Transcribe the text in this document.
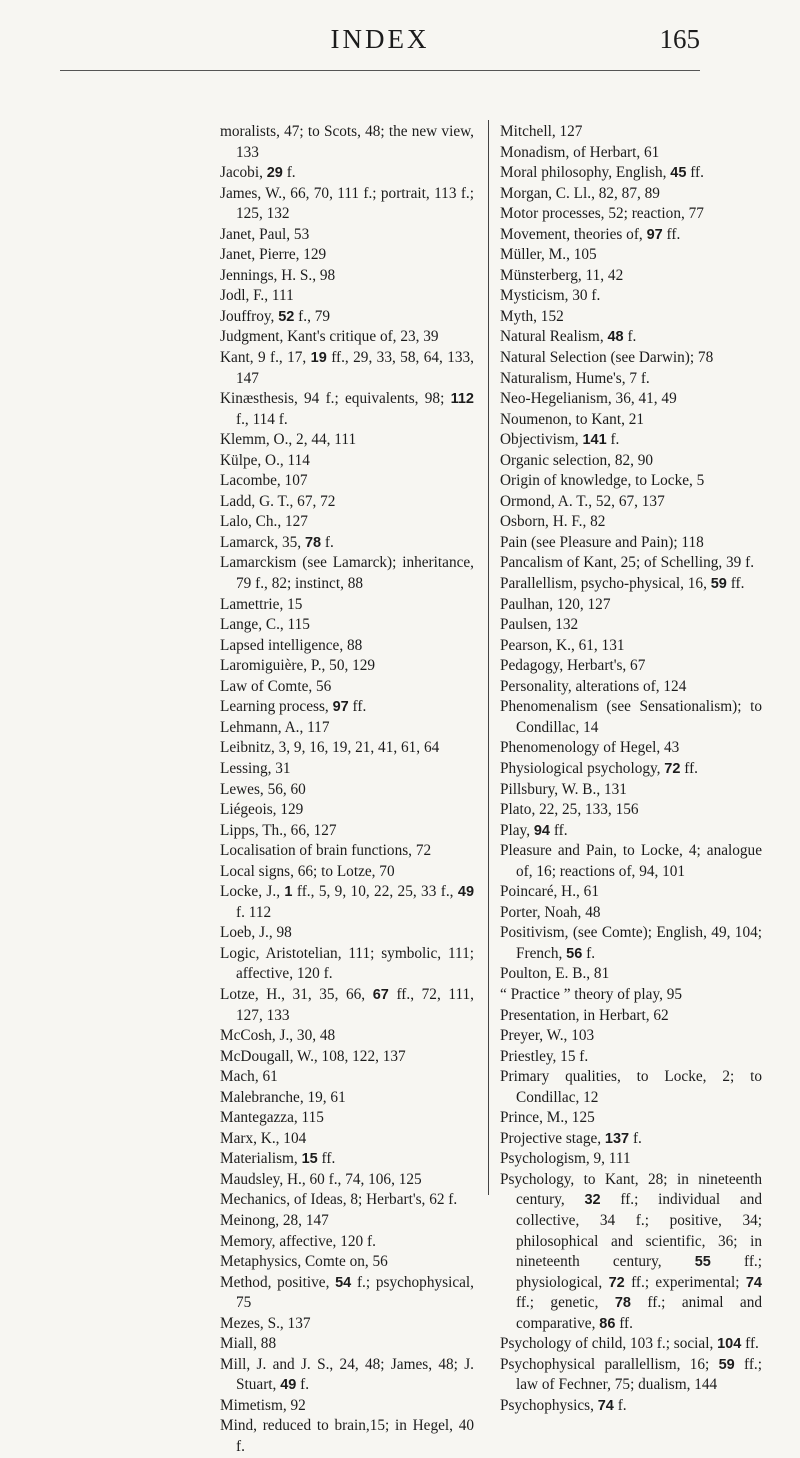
INDEX	165
moralists, 47; to Scots, 48; the new view, 133
Jacobi, 29 f.
James, W., 66, 70, 111 f.; portrait, 113 f.; 125, 132
Janet, Paul, 53
Janet, Pierre, 129
Jennings, H. S., 98
Jodl, F., 111
Jouffroy, 52 f., 79
Judgment, Kant's critique of, 23, 39
Kant, 9 f., 17, 19 ff., 29, 33, 58, 64, 133, 147
Kinæsthesis, 94 f.; equivalents, 98; 112 f., 114 f.
Klemm, O., 2, 44, 111
Külpe, O., 114
Lacombe, 107
Ladd, G. T., 67, 72
Lalo, Ch., 127
Lamarck, 35, 78 f.
Lamarckism (see Lamarck); inheritance, 79 f., 82; instinct, 88
Lamettrie, 15
Lange, C., 115
Lapsed intelligence, 88
Laromiguière, P., 50, 129
Law of Comte, 56
Learning process, 97 ff.
Lehmann, A., 117
Leibnitz, 3, 9, 16, 19, 21, 41, 61, 64
Lessing, 31
Lewes, 56, 60
Liégeois, 129
Lipps, Th., 66, 127
Localisation of brain functions, 72
Local signs, 66; to Lotze, 70
Locke, J., 1 ff., 5, 9, 10, 22, 25, 33 f., 49 f. 112
Loeb, J., 98
Logic, Aristotelian, 111; symbolic, 111; affective, 120 f.
Lotze, H., 31, 35, 66, 67 ff., 72, 111, 127, 133
McCosh, J., 30, 48
McDougall, W., 108, 122, 137
Mach, 61
Malebranche, 19, 61
Mantegazza, 115
Marx, K., 104
Materialism, 15 ff.
Maudsley, H., 60 f., 74, 106, 125
Mechanics, of Ideas, 8; Herbart's, 62 f.
Meinong, 28, 147
Memory, affective, 120 f.
Metaphysics, Comte on, 56
Method, positive, 54 f.; psychophysical, 75
Mezes, S., 137
Miall, 88
Mill, J. and J. S., 24, 48; James, 48; J. Stuart, 49 f.
Mimetism, 92
Mind, reduced to brain,15; in Hegel, 40 f.
Mitchell, 127
Monadism, of Herbart, 61
Moral philosophy, English, 45 ff.
Morgan, C. Ll., 82, 87, 89
Motor processes, 52; reaction, 77
Movement, theories of, 97 ff.
Müller, M., 105
Münsterberg, 11, 42
Mysticism, 30 f.
Myth, 152
Natural Realism, 48 f.
Natural Selection (see Darwin); 78
Naturalism, Hume's, 7 f.
Neo-Hegelianism, 36, 41, 49
Noumenon, to Kant, 21
Objectivism, 141 f.
Organic selection, 82, 90
Origin of knowledge, to Locke, 5
Ormond, A. T., 52, 67, 137
Osborn, H. F., 82
Pain (see Pleasure and Pain); 118
Pancalism of Kant, 25; of Schelling, 39 f.
Parallellism, psycho-physical, 16, 59 ff.
Paulhan, 120, 127
Paulsen, 132
Pearson, K., 61, 131
Pedagogy, Herbart's, 67
Personality, alterations of, 124
Phenomenalism (see Sensationalism); to Condillac, 14
Phenomenology of Hegel, 43
Physiological psychology, 72 ff.
Pillsbury, W. B., 131
Plato, 22, 25, 133, 156
Play, 94 ff.
Pleasure and Pain, to Locke, 4; analogue of, 16; reactions of, 94, 101
Poincaré, H., 61
Porter, Noah, 48
Positivism, (see Comte); English, 49, 104; French, 56 f.
Poulton, E. B., 81
“ Practice ” theory of play, 95
Presentation, in Herbart, 62
Preyer, W., 103
Priestley, 15 f.
Primary qualities, to Locke, 2; to Condillac, 12
Prince, M., 125
Projective stage, 137 f.
Psychologism, 9, 111
Psychology, to Kant, 28; in nineteenth century, 32 ff.; individual and collective, 34 f.; positive, 34; philosophical and scientific, 36; in nineteenth century, 55 ff.; physiological, 72 ff.; experimental; 74 ff.; genetic, 78 ff.; animal and comparative, 86 ff.
Psychology of child, 103 f.; social, 104 ff.
Psychophysical parallellism, 16; 59 ff.; law of Fechner, 75; dualism, 144
Psychophysics, 74 f.
